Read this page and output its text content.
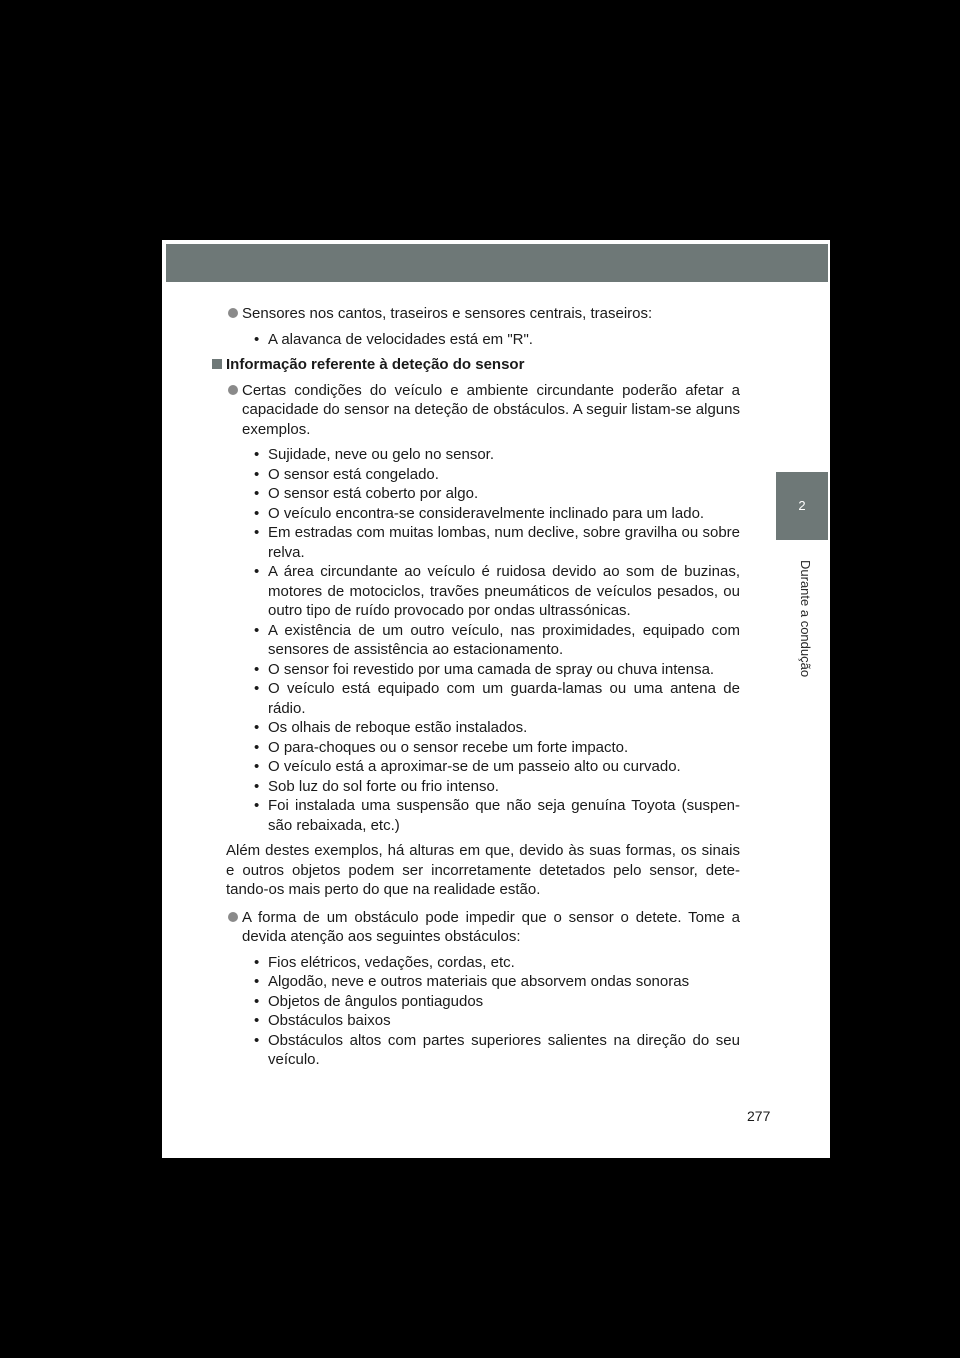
2
Durante a condução
Sensores nos cantos, traseiros e sensores centrais, traseiros:
• A alavanca de velocidades está em "R".
Informação referente à deteção do sensor
Certas condições do veículo e ambiente circundante poderão afetar a capacidade do sensor na deteção de obstáculos. A seguir listam-se alguns exemplos.
• Sujidade, neve ou gelo no sensor.
• O sensor está congelado.
• O sensor está coberto por algo.
• O veículo encontra-se consideravelmente inclinado para um lado.
• Em estradas com muitas lombas, num declive, sobre gravilha ou sobre relva.
• A área circundante ao veículo é ruidosa devido ao som de buzinas, motores de motociclos, travões pneumáticos de veículos pesados, ou outro tipo de ruído provocado por ondas ultrassónicas.
• A existência de um outro veículo, nas proximidades, equipado com sensores de assistência ao estacionamento.
• O sensor foi revestido por uma camada de spray ou chuva intensa.
• O veículo está equipado com um guarda-lamas ou uma antena de rádio.
• Os olhais de reboque estão instalados.
• O para-choques ou o sensor recebe um forte impacto.
• O veículo está a aproximar-se de um passeio alto ou curvado.
• Sob luz do sol forte ou frio intenso.
• Foi instalada uma suspensão que não seja genuína Toyota (suspen-são rebaixada, etc.)

Além destes exemplos, há alturas em que, devido às suas formas, os sinais e outros objetos podem ser incorretamente detetados pelo sensor, dete-tando-os mais perto do que na realidade estão.

A forma de um obstáculo pode impedir que o sensor o detete. Tome a devida atenção aos seguintes obstáculos:
• Fios elétricos, vedações, cordas, etc.
• Algodão, neve e outros materiais que absorvem ondas sonoras
• Objetos de ângulos pontiagudos
• Obstáculos baixos
• Obstáculos altos com partes superiores salientes na direção do seu veículo.
277
